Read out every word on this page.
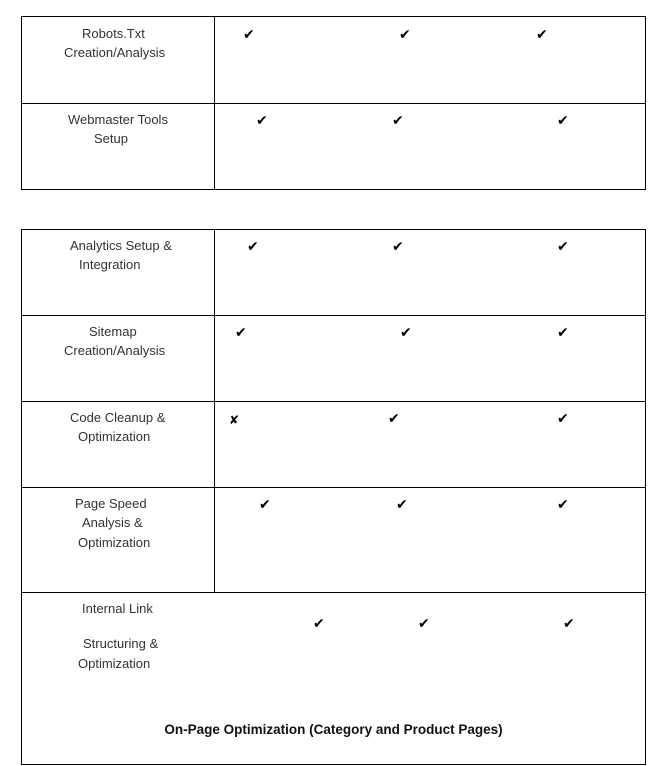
Robots.Txt
Creation/Analysis
✔	✔	✔
Webmaster Tools
Setup
✔	✔	✔
Analytics Setup &
Integration
✔	✔	✔
Sitemap
Creation/Analysis
✔	✔	✔
Code Cleanup &
Optimization
✘	✔	✔
Page Speed
Analysis &
Optimization
✔	✔	✔
Internal Link
Structuring &
Optimization
✔	✔	✔
On-Page Optimization (Category and Product Pages)
